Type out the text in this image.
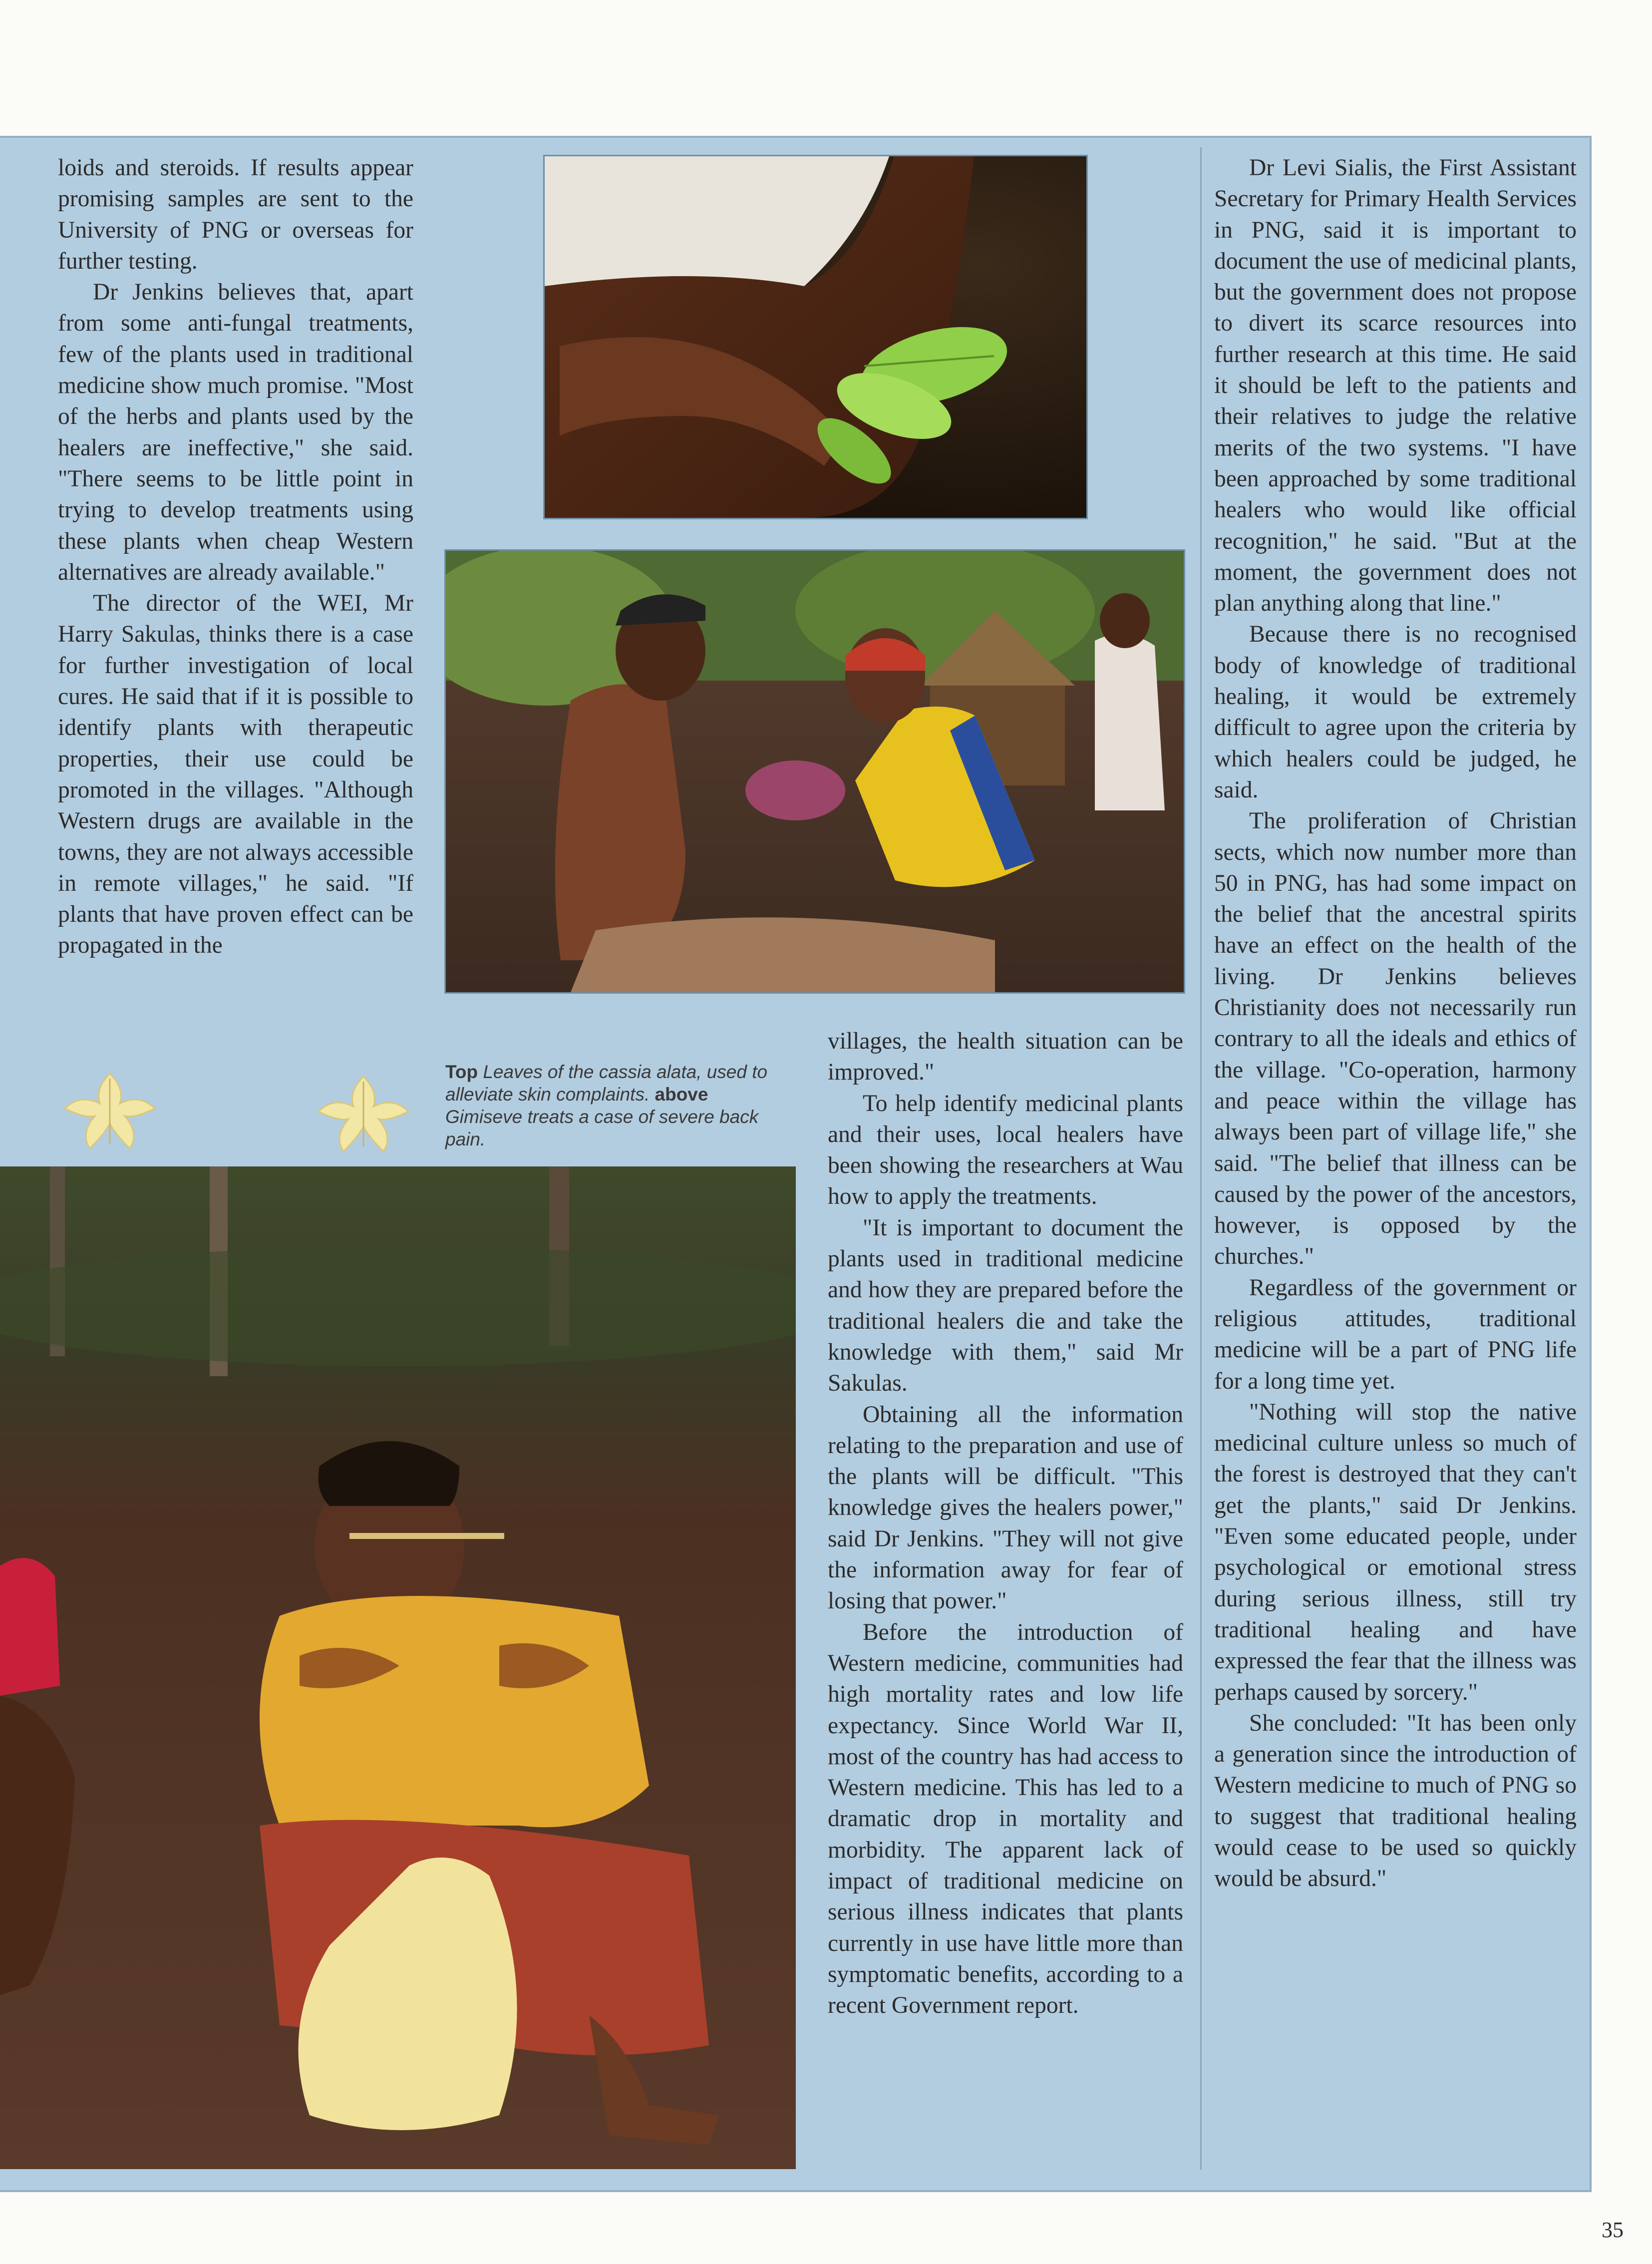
loids and steroids. If results appear promising samples are sent to the University of PNG or overseas for further testing.

Dr Jenkins believes that, apart from some anti-fungal treatments, few of the plants used in traditional medicine show much promise. "Most of the herbs and plants used by the healers are ineffective," she said. "There seems to be little point in trying to develop treatments using these plants when cheap Western alternatives are already available."

The director of the WEI, Mr Harry Sakulas, thinks there is a case for further investigation of local cures. He said that if it is possible to identify plants with therapeutic properties, their use could be promoted in the villages. "Although Western drugs are available in the towns, they are not always accessible in remote villages," he said. "If plants that have proven effect can be propagated in the

Top Leaves of the cassia alata, used to alleviate skin complaints. above Gimiseve treats a case of severe back pain.

villages, the health situation can be improved."

To help identify medicinal plants and their uses, local healers have been showing the researchers at Wau how to apply the treatments.

"It is important to document the plants used in traditional medicine and how they are prepared before the traditional healers die and take the knowledge with them," said Mr Sakulas.

Obtaining all the information relating to the preparation and use of the plants will be difficult. "This knowledge gives the healers power," said Dr Jenkins. "They will not give the information away for fear of losing that power."

Before the introduction of Western medicine, communities had high mortality rates and low life expectancy. Since World War II, most of the country has had access to Western medicine. This has led to a dramatic drop in mortality and morbidity. The apparent lack of impact of traditional medicine on serious illness indicates that plants currently in use have little more than symptomatic benefits, according to a recent Government report.

Dr Levi Sialis, the First Assistant Secretary for Primary Health Services in PNG, said it is important to document the use of medicinal plants, but the government does not propose to divert its scarce resources into further research at this time. He said it should be left to the patients and their relatives to judge the relative merits of the two systems. "I have been approached by some traditional healers who would like official recognition," he said. "But at the moment, the government does not plan anything along that line."

Because there is no recognised body of knowledge of traditional healing, it would be extremely difficult to agree upon the criteria by which healers could be judged, he said.

The proliferation of Christian sects, which now number more than 50 in PNG, has had some impact on the belief that the ancestral spirits have an effect on the health of the living. Dr Jenkins believes Christianity does not necessarily run contrary to all the ideals and ethics of the village. "Co-operation, harmony and peace within the village has always been part of village life," she said. "The belief that illness can be caused by the power of the ancestors, however, is opposed by the churches."

Regardless of the government or religious attitudes, traditional medicine will be a part of PNG life for a long time yet.

"Nothing will stop the native medicinal culture unless so much of the forest is destroyed that they can't get the plants," said Dr Jenkins. "Even some educated people, under psychological or emotional stress during serious illness, still try traditional healing and have expressed the fear that the illness was perhaps caused by sorcery."

She concluded: "It has been only a generation since the introduction of Western medicine to much of PNG so to suggest that traditional healing would cease to be used so quickly would be absurd."

35
